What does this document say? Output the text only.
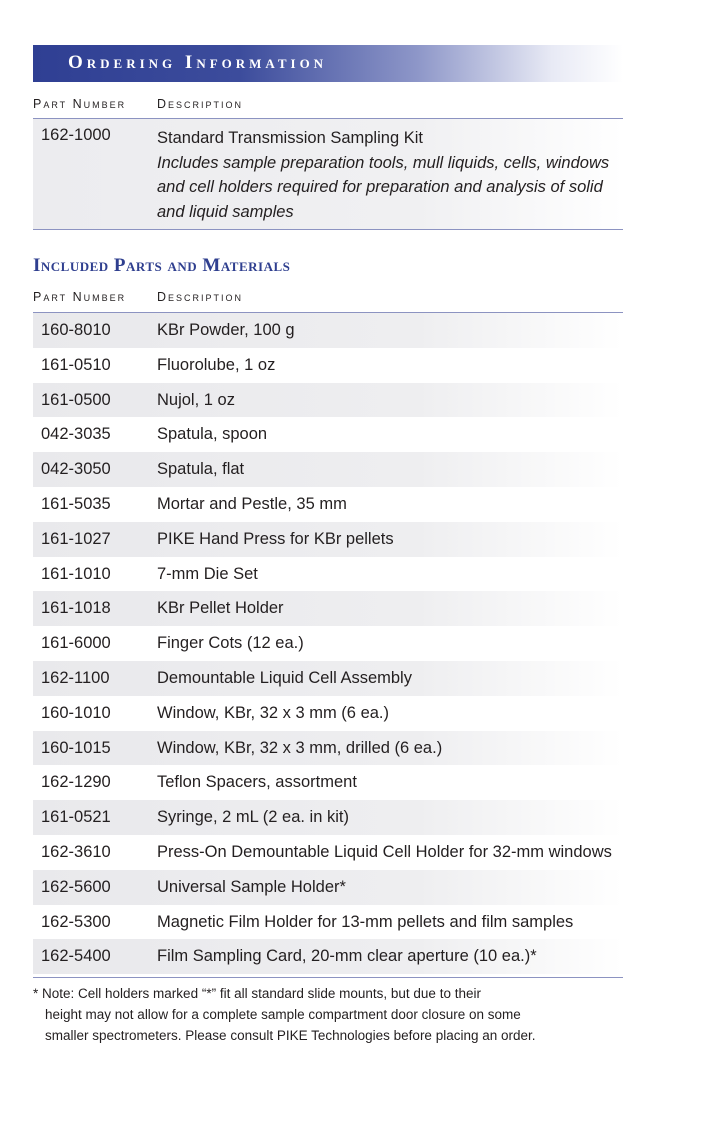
Ordering Information
Part Number Description
162-1000	Standard Transmission Sampling Kit
Includes sample preparation tools, mull liquids, cells, windows and cell holders required for preparation and analysis of solid and liquid samples
Included Parts and Materials
Part Number Description
160-8010	KBr Powder, 100 g
161-0510	Fluorolube, 1 oz
161-0500	Nujol, 1 oz
042-3035	Spatula, spoon
042-3050	Spatula, flat
161-5035	Mortar and Pestle, 35 mm
161-1027	PIKE Hand Press for KBr pellets
161-1010	7-mm Die Set
161-1018	KBr Pellet Holder
161-6000	Finger Cots (12 ea.)
162-1100	Demountable Liquid Cell Assembly
160-1010	Window, KBr, 32 x 3 mm (6 ea.)
160-1015	Window, KBr, 32 x 3 mm, drilled (6 ea.)
162-1290	Teflon Spacers, assortment
161-0521	Syringe, 2 mL (2 ea. in kit)
162-3610	Press-On Demountable Liquid Cell Holder for 32-mm windows
162-5600	Universal Sample Holder*
162-5300	Magnetic Film Holder for 13-mm pellets and film samples
162-5400	Film Sampling Card, 20-mm clear aperture (10 ea.)*
* Note: Cell holders marked “*” fit all standard slide mounts, but due to their
height may not allow for a complete sample compartment door closure on some
smaller spectrometers. Please consult PIKE Technologies before placing an order.
